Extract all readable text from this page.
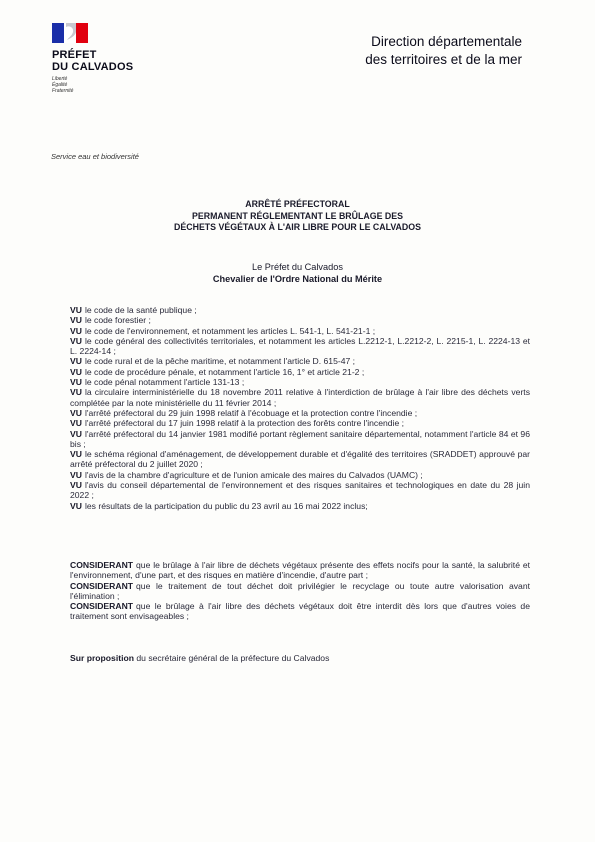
PRÉFET
DU CALVADOS
Liberté
Égalité
Fraternité
Direction départementale
des territoires et de la mer
Service eau et biodiversité
ARRÊTÉ PRÉFECTORAL
PERMANENT RÉGLEMENTANT LE BRÛLAGE DES
DÉCHETS VÉGÉTAUX À L'AIR LIBRE POUR LE CALVADOS
Le Préfet du Calvados
Chevalier de l'Ordre National du Mérite

VU le code de la santé publique ;

VU le code forestier ;

VU le code de l'environnement, et notamment les articles L. 541-1, L. 541-21-1 ;

VU le code général des collectivités territoriales, et notamment les articles L.2212-1, L.2212-2, L. 2215-1, L. 2224-13 et L. 2224-14 ;

VU le code rural et de la pêche maritime, et notamment l'article D. 615-47 ;

VU le code de procédure pénale, et notamment l'article 16, 1° et article 21-2 ;

VU le code pénal notamment l'article 131-13 ;

VU la circulaire interministérielle du 18 novembre 2011 relative à l'interdiction de brûlage à l'air libre des déchets verts complétée par la note ministérielle du 11 février 2014 ;

VU l'arrêté préfectoral du 29 juin 1998 relatif à l'écobuage et la protection contre l'incendie ;

VU l'arrêté préfectoral du 17 juin 1998 relatif à la protection des forêts contre l'incendie ;

VU l'arrêté préfectoral du 14 janvier 1981 modifié portant règlement sanitaire départemental, notamment l'article 84 et 96 bis ;

VU le schéma régional d'aménagement, de développement durable et d'égalité des territoires (SRADDET) approuvé par arrêté préfectoral du 2 juillet 2020 ;

VU l'avis de la chambre d'agriculture et de l'union amicale des maires du Calvados (UAMC) ;

VU l'avis du conseil départemental de l'environnement et des risques sanitaires et technologiques en date du 28 juin 2022 ;

VU les résultats de la participation du public du 23 avril au 16 mai 2022 inclus;

CONSIDERANT que le brûlage à l'air libre de déchets végétaux présente des effets nocifs pour la santé, la salubrité et l'environnement, d'une part, et des risques en matière d'incendie, d'autre part ;

CONSIDERANT que le traitement de tout déchet doit privilégier le recyclage ou toute autre valorisation avant l'élimination ;

CONSIDERANT que le brûlage à l'air libre des déchets végétaux doit être interdit dès lors que d'autres voies de traitement sont envisageables ;

Sur proposition du secrétaire général de la préfecture du Calvados
